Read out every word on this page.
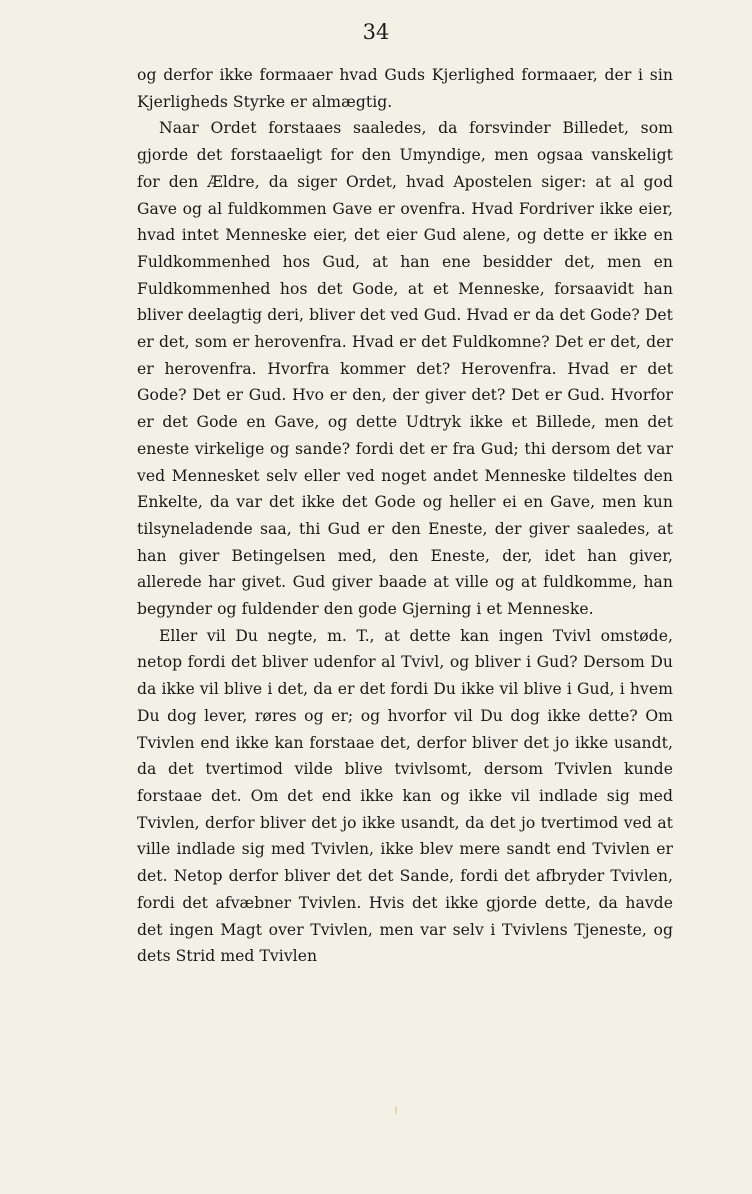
34

og derfor ikke formaaer hvad Guds Kjerlighed formaaer, der i sin Kjerligheds Styrke er almægtig.

Naar Ordet forstaaes saaledes, da forsvinder Billedet, som gjorde det forstaaeligt for den Umyndige, men ogsaa vanskeligt for den Ældre, da siger Ordet, hvad Apostelen siger: at al god Gave og al fuldkommen Gave er ovenfra. Hvad Fordriver ikke eier, hvad intet Menneske eier, det eier Gud alene, og dette er ikke en Fuldkommenhed hos Gud, at han ene besidder det, men en Fuldkommenhed hos det Gode, at et Menneske, forsaavidt han bliver deelagtig deri, bliver det ved Gud. Hvad er da det Gode? Det er det, som er herovenfra. Hvad er det Fuldkomne? Det er det, der er herovenfra. Hvorfra kommer det? Herovenfra. Hvad er det Gode? Det er Gud. Hvo er den, der giver det? Det er Gud. Hvorfor er det Gode en Gave, og dette Udtryk ikke et Billede, men det eneste virkelige og sande? fordi det er fra Gud; thi dersom det var ved Mennesket selv eller ved noget andet Menneske tildeltes den Enkelte, da var det ikke det Gode og heller ei en Gave, men kun tilsyneladende saa, thi Gud er den Eneste, der giver saaledes, at han giver Betingelsen med, den Eneste, der, idet han giver, allerede har givet. Gud giver baade at ville og at fuldkomme, han begynder og fuldender den gode Gjerning i et Menneske.

Eller vil Du negte, m. T., at dette kan ingen Tvivl omstøde, netop fordi det bliver udenfor al Tvivl, og bliver i Gud? Dersom Du da ikke vil blive i det, da er det fordi Du ikke vil blive i Gud, i hvem Du dog lever, røres og er; og hvorfor vil Du dog ikke dette? Om Tvivlen end ikke kan forstaae det, derfor bliver det jo ikke usandt, da det tvertimod vilde blive tvivlsomt, dersom Tvivlen kunde forstaae det. Om det end ikke kan og ikke vil indlade sig med Tvivlen, derfor bliver det jo ikke usandt, da det jo tvertimod ved at ville indlade sig med Tvivlen, ikke blev mere sandt end Tvivlen er det. Netop derfor bliver det det Sande, fordi det afbryder Tvivlen, fordi det afvæbner Tvivlen. Hvis det ikke gjorde dette, da havde det ingen Magt over Tvivlen, men var selv i Tvivlens Tjeneste, og dets Strid med Tvivlen
